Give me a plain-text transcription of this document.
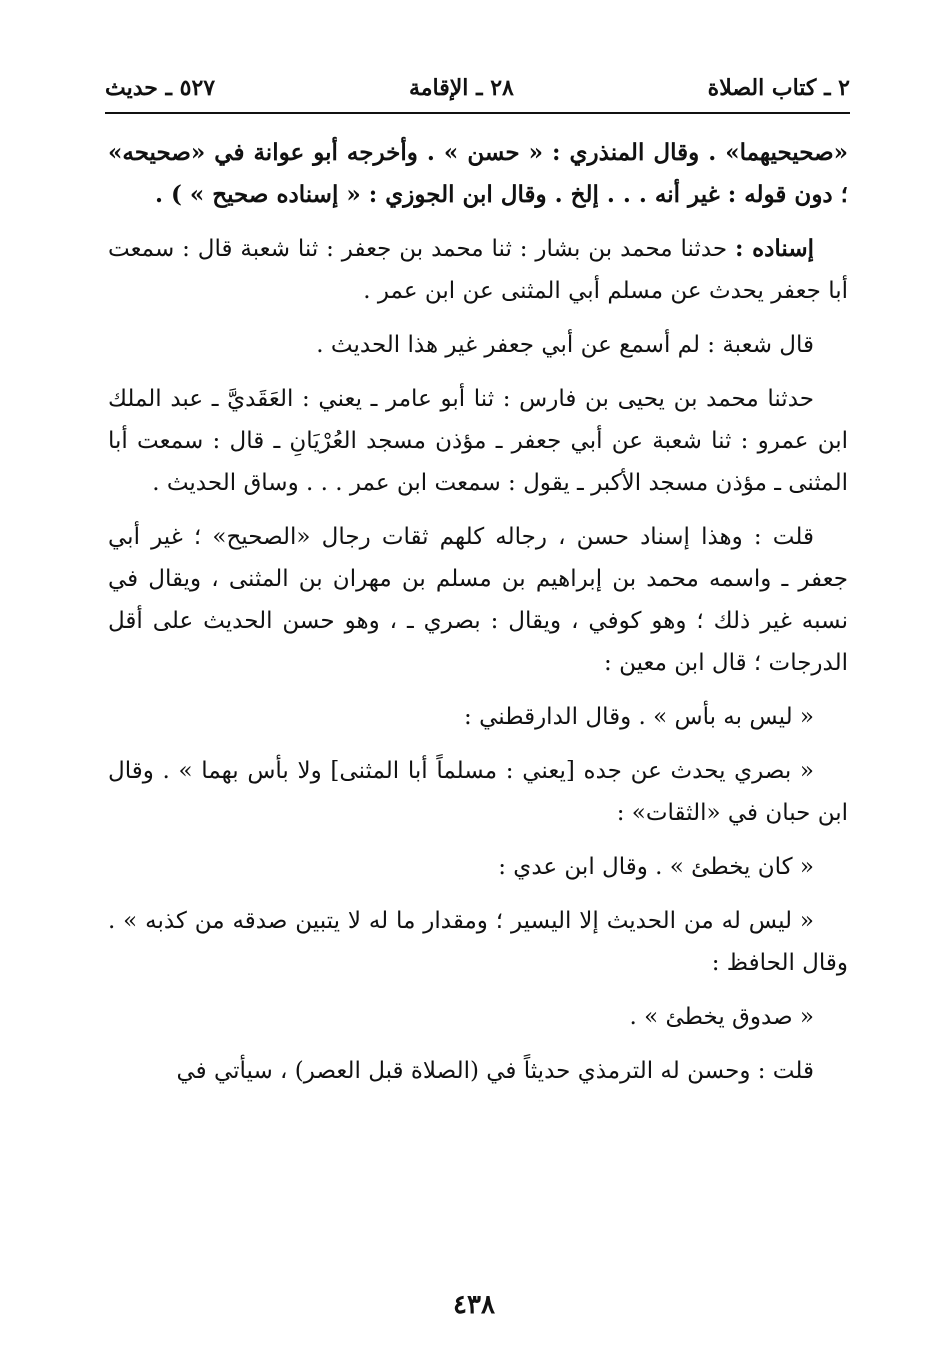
٢ ـ كتاب الصلاة
٢٨ ـ الإقامة
٥٢٧ ـ حديث

«صحيحيهما» . وقال المنذري : « حسن » . وأخرجه أبو عوانة في «صحيحه» ؛ دون قوله : غير أنه . . . إلخ . وقال ابن الجوزي : « إسناده صحيح » ) .

إسناده : حدثنا محمد بن بشار : ثنا محمد بن جعفر : ثنا شعبة قال : سمعت أبا جعفر يحدث عن مسلم أبي المثنى عن ابن عمر .

قال شعبة : لم أسمع عن أبي جعفر غير هذا الحديث .

حدثنا محمد بن يحيى بن فارس : ثنا أبو عامر ـ يعني : العَقَديَّ ـ عبد الملك ابن عمرو : ثنا شعبة عن أبي جعفر ـ مؤذن مسجد العُرْيَانِ ـ قال : سمعت أبا المثنى ـ مؤذن مسجد الأكبر ـ يقول : سمعت ابن عمر . . . وساق الحديث .

قلت : وهذا إسناد حسن ، رجاله كلهم ثقات رجال «الصحيح» ؛ غير أبي جعفر ـ واسمه محمد بن إبراهيم بن مسلم بن مهران بن المثنى ، ويقال في نسبه غير ذلك ؛ وهو كوفي ، ويقال : بصري ـ ، وهو حسن الحديث على أقل الدرجات ؛ قال ابن معين :

« ليس به بأس » . وقال الدارقطني :

« بصري يحدث عن جده [يعني : مسلماً أبا المثنى] ولا بأس بهما » . وقال ابن حبان في «الثقات» :

« كان يخطئ » . وقال ابن عدي :

« ليس له من الحديث إلا اليسير ؛ ومقدار ما له لا يتبين صدقه من كذبه » . وقال الحافظ :

« صدوق يخطئ » .

قلت : وحسن له الترمذي حديثاً في (الصلاة قبل العصر) ، سيأتي في

٤٣٨
